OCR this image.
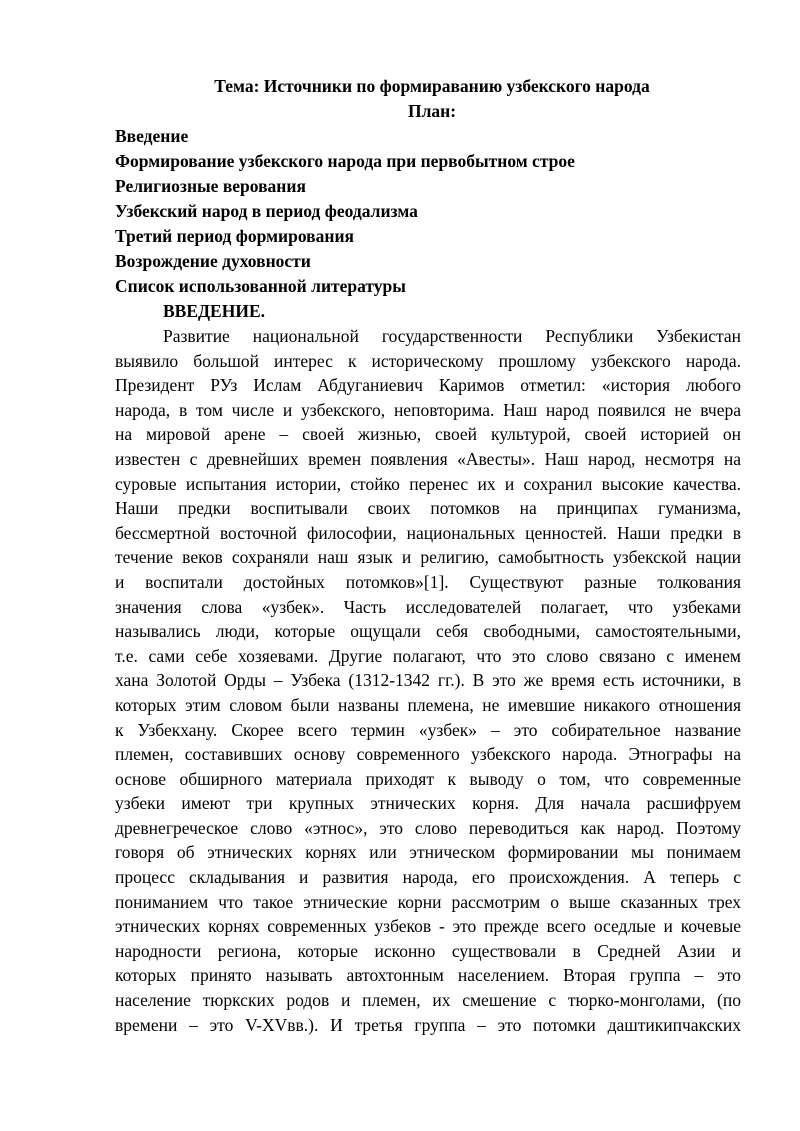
Тема: Источники по формираванию узбекского народа
План:
Введение
Формирование узбекского народа при первобытном строе
Религиозные верования
Узбекский народ в период феодализма
Третий период формирования
Возрождение духовности
Список использованной литературы
ВВЕДЕНИЕ.
Развитие национальной государственности Республики Узбекистан
выявило большой интерес к историческому прошлому узбекского народа.
Президент РУз Ислам Абдуганиевич Каримов отметил: «история любого
народа, в том числе и узбекского, неповторима. Наш народ появился не вчера
на мировой арене – своей жизнью, своей культурой, своей историей он
известен с древнейших времен появления «Авесты». Наш народ, несмотря на
суровые испытания истории, стойко перенес их и сохранил высокие качества.
Наши предки воспитывали своих потомков на принципах гуманизма,
бессмертной восточной философии, национальных ценностей. Наши предки в
течение веков сохраняли наш язык и религию, самобытность узбекской нации
и воспитали достойных потомков»[1]. Существуют разные толкования
значения слова «узбек». Часть исследователей полагает, что узбеками
назывались люди, которые ощущали себя свободными, самостоятельными,
т.е. сами себе хозяевами. Другие полагают, что это слово связано с именем
хана Золотой Орды – Узбека (1312-1342 гг.). В это же время есть источники, в
которых этим словом были названы племена, не имевшие никакого отношения
к Узбекхану. Скорее всего термин «узбек» – это собирательное название
племен, составивших основу современного узбекского народа. Этнографы на
основе обширного материала приходят к выводу о том, что современные
узбеки имеют три крупных этнических корня. Для начала расшифруем
древнегреческое слово «этнос», это слово переводиться как народ. Поэтому
говоря об этнических корнях или этническом формировании мы понимаем
процесс складывания и развития народа, его происхождения. А теперь с
пониманием что такое этнические корни рассмотрим о выше сказанных трех
этнических корнях современных узбеков - это прежде всего оседлые и кочевые
народности региона, которые исконно существовали в Средней Азии и
которых принято называть автохтонным населением. Вторая группа – это
население тюркских родов и племен, их смешение с тюрко-монголами, (по
времени – это V-XVвв.). И третья группа – это потомки даштикипчакских
